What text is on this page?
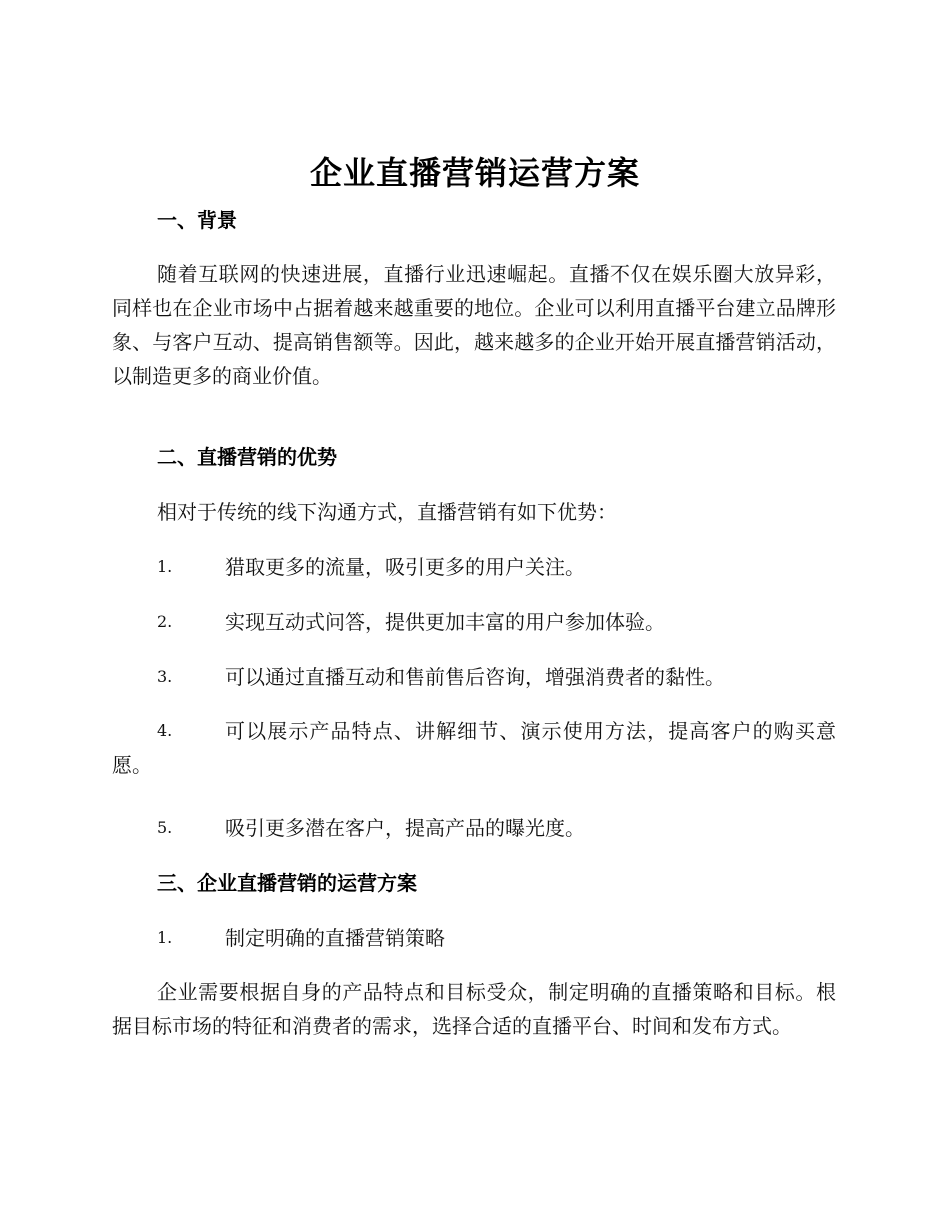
企业直播营销运营方案
一、背景
随着互联网的快速进展，直播行业迅速崛起。直播不仅在娱乐圈大放异彩，同样也在企业市场中占据着越来越重要的地位。企业可以利用直播平台建立品牌形象、与客户互动、提高销售额等。因此，越来越多的企业开始开展直播营销活动，以制造更多的商业价值。
二、直播营销的优势
相对于传统的线下沟通方式，直播营销有如下优势：
1.	猎取更多的流量，吸引更多的用户关注。
2.	实现互动式问答，提供更加丰富的用户参加体验。
3.	可以通过直播互动和售前售后咨询，增强消费者的黏性。
4.	可以展示产品特点、讲解细节、演示使用方法，提高客户的购买意愿。
5.	吸引更多潜在客户，提高产品的曝光度。
三、企业直播营销的运营方案
1.	制定明确的直播营销策略
企业需要根据自身的产品特点和目标受众，制定明确的直播策略和目标。根据目标市场的特征和消费者的需求，选择合适的直播平台、时间和发布方式。
